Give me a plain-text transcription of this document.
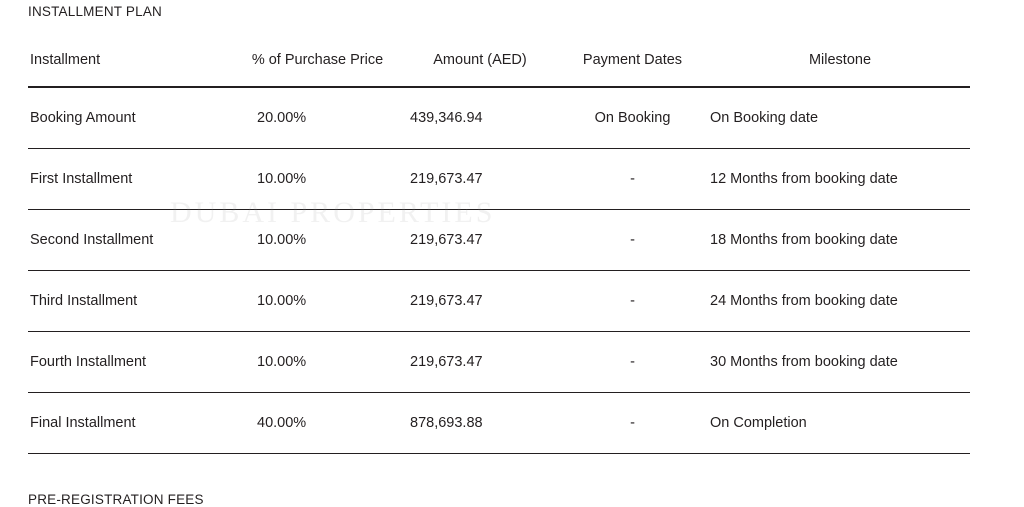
INSTALLMENT PLAN
Installment	% of Purchase Price	Amount (AED)	Payment Dates	Milestone
Booking Amount	20.00%	439,346.94	On Booking	On Booking date
First Installment	10.00%	219,673.47	-	12 Months from booking date
Second Installment	10.00%	219,673.47	-	18 Months from booking date
Third Installment	10.00%	219,673.47	-	24 Months from booking date
Fourth Installment	10.00%	219,673.47	-	30 Months from booking date
Final Installment	40.00%	878,693.88	-	On Completion
DUBAI PROPERTIES
PRE-REGISTRATION FEES
